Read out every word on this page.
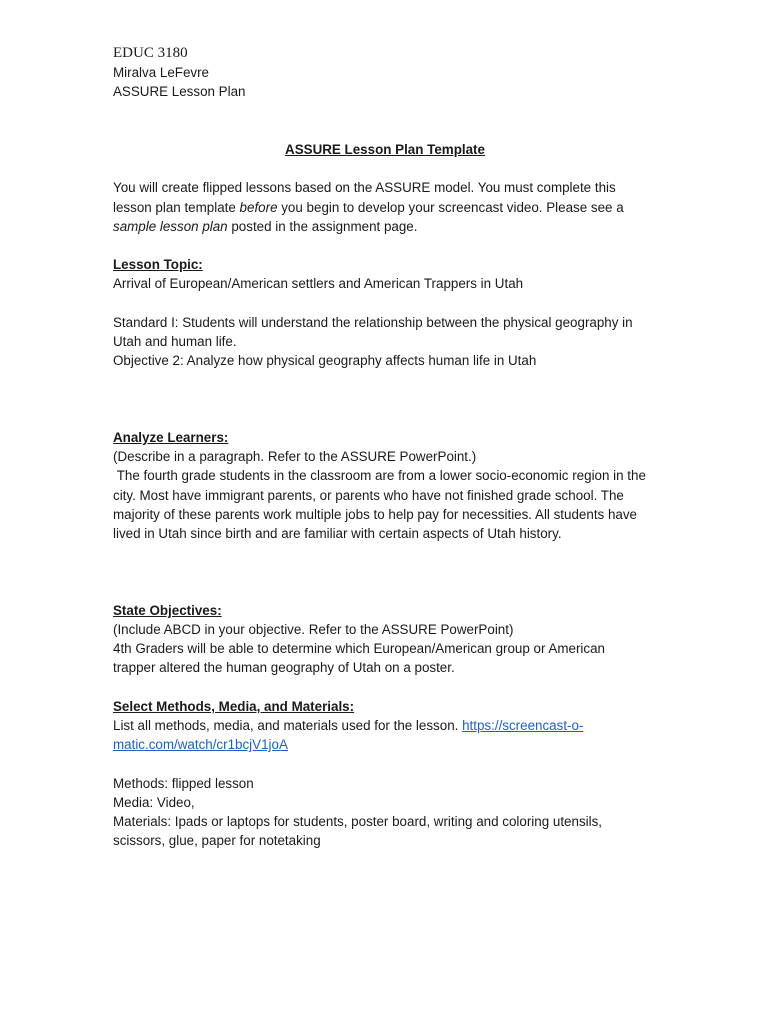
EDUC 3180
Miralva LeFevre
ASSURE Lesson Plan
ASSURE Lesson Plan Template
You will create flipped lessons based on the ASSURE model. You must complete this
lesson plan template before you begin to develop your screencast video. Please see a
sample lesson plan posted in the assignment page.
Lesson Topic:
Arrival of European/American settlers and American Trappers in Utah
Standard I: Students will understand the relationship between the physical geography in Utah and human life.
Objective 2: Analyze how physical geography affects human life in Utah
Analyze Learners:
(Describe in a paragraph. Refer to the ASSURE PowerPoint.)
The fourth grade students in the classroom are from a lower socio-economic region in the city. Most have immigrant parents, or parents who have not finished grade school. The majority of these parents work multiple jobs to help pay for necessities. All students have lived in Utah since birth and are familiar with certain aspects of Utah history.
State Objectives:
(Include ABCD in your objective. Refer to the ASSURE PowerPoint)
4th Graders will be able to determine which European/American group or American trapper altered the human geography of Utah on a poster.
Select Methods, Media, and Materials:
List all methods, media, and materials used for the lesson. https://screencast-o-matic.com/watch/cr1bcjV1joA
Methods: flipped lesson
Media: Video,
Materials: Ipads or laptops for students, poster board, writing and coloring utensils, scissors, glue, paper for notetaking
